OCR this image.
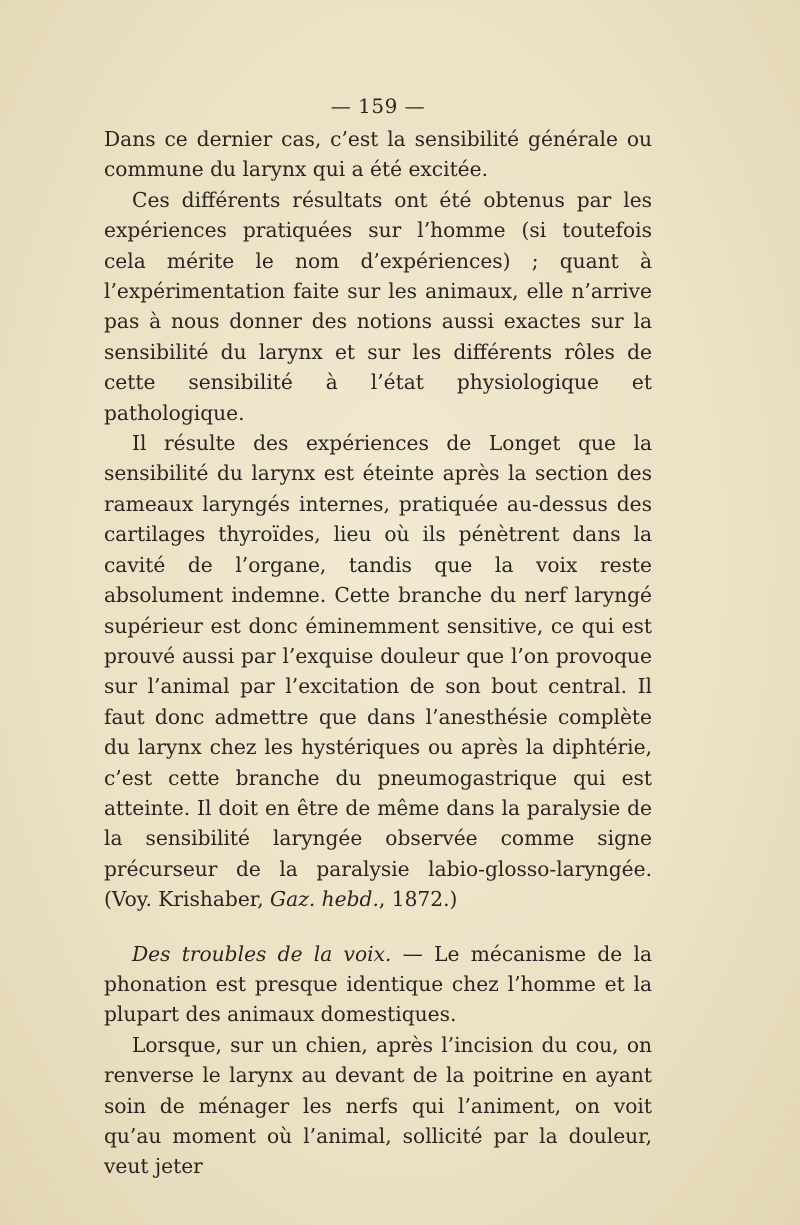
— 159 —

Dans ce dernier cas, c’est la sensibilité générale ou commune du larynx qui a été excitée.

Ces différents résultats ont été obtenus par les expériences pratiquées sur l’homme (si toutefois cela mérite le nom d’expériences) ; quant à l’expérimentation faite sur les animaux, elle n’arrive pas à nous donner des notions aussi exactes sur la sensibilité du larynx et sur les différents rôles de cette sensibilité à l’état physiologique et pathologique.

Il résulte des expériences de Longet que la sensibilité du larynx est éteinte après la section des rameaux laryngés internes, pratiquée au-dessus des cartilages thyroïdes, lieu où ils pénètrent dans la cavité de l’organe, tandis que la voix reste absolument indemne. Cette branche du nerf laryngé supérieur est donc éminemment sensitive, ce qui est prouvé aussi par l’exquise douleur que l’on provoque sur l’animal par l’excitation de son bout central. Il faut donc admettre que dans l’anesthésie complète du larynx chez les hystériques ou après la diphtérie, c’est cette branche du pneumogastrique qui est atteinte. Il doit en être de même dans la paralysie de la sensibilité laryngée observée comme signe précurseur de la paralysie labio-glosso-laryngée. (Voy. Krishaber, Gaz. hebd., 1872.)

Des troubles de la voix. — Le mécanisme de la phonation est presque identique chez l’homme et la plupart des animaux domestiques.

Lorsque, sur un chien, après l’incision du cou, on renverse le larynx au devant de la poitrine en ayant soin de ménager les nerfs qui l’animent, on voit qu’au moment où l’animal, sollicité par la douleur, veut jeter
